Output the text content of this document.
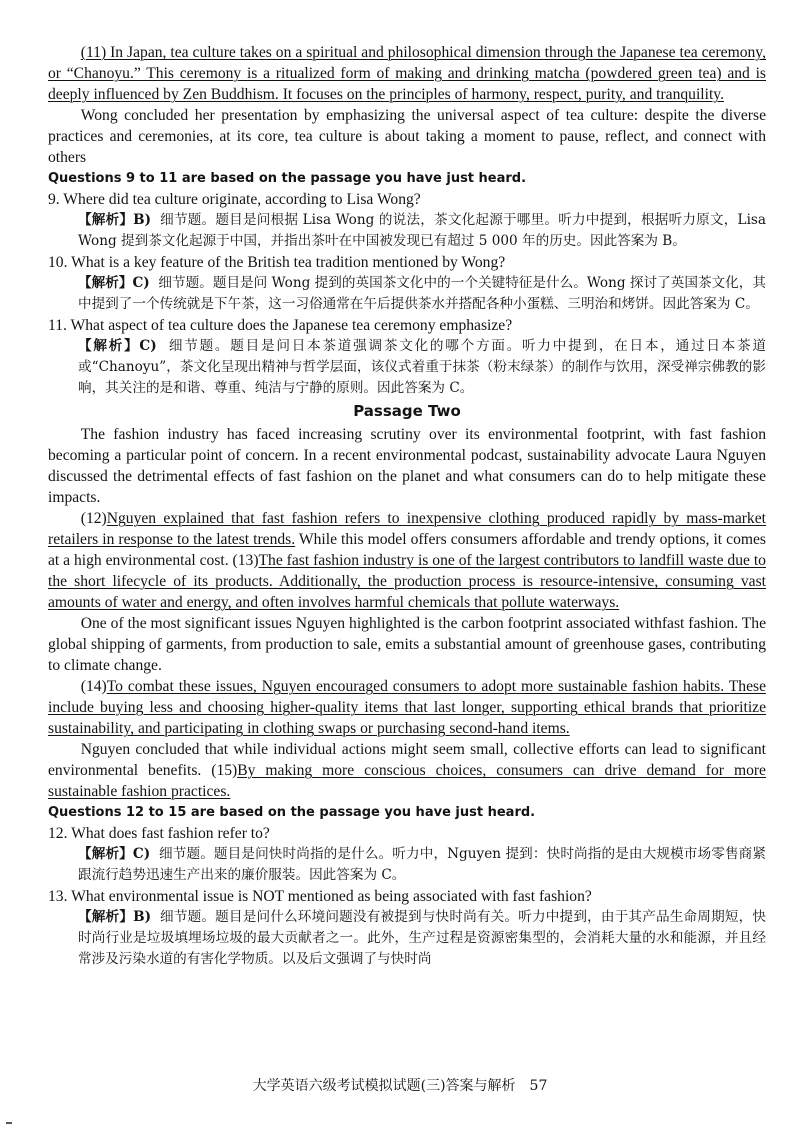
(11) In Japan, tea culture takes on a spiritual and philosophical dimension through the Japanese tea ceremony, or “Chanoyu.” This ceremony is a ritualized form of making and drinking matcha (powdered green tea) and is deeply influenced by Zen Buddhism. It focuses on the principles of harmony, respect, purity, and tranquility.

Wong concluded her presentation by emphasizing the universal aspect of tea culture: despite the diverse practices and ceremonies, at its core, tea culture is about taking a moment to pause, reflect, and connect with others

Questions 9 to 11 are based on the passage you have just heard.

9. Where did tea culture originate, according to Lisa Wong?

【解析】B) 细节题。题目是问根据 Lisa Wong 的说法，茶文化起源于哪里。听力中提到，根据听力原文，Lisa Wong 提到茶文化起源于中国，并指出茶叶在中国被发现已有超过 5 000 年的历史。因此答案为 B。

10. What is a key feature of the British tea tradition mentioned by Wong?

【解析】C) 细节题。题目是问 Wong 提到的英国茶文化中的一个关键特征是什么。Wong 探讨了英国茶文化，其中提到了一个传统就是下午茶，这一习俗通常在午后提供茶水并搭配各种小蛋糕、三明治和烤饼。因此答案为 C。

11. What aspect of tea culture does the Japanese tea ceremony emphasize?

【解析】C) 细节题。题目是问日本茶道强调茶文化的哪个方面。听力中提到，在日本，通过日本茶道或“Chanoyu”，茶文化呈现出精神与哲学层面，该仪式着重于抹茶（粉末绿茶）的制作与饮用，深受禅宗佛教的影响，其关注的是和谐、尊重、纯洁与宁静的原则。因此答案为 C。

Passage Two

The fashion industry has faced increasing scrutiny over its environmental footprint, with fast fashion becoming a particular point of concern. In a recent environmental podcast, sustainability advocate Laura Nguyen discussed the detrimental effects of fast fashion on the planet and what consumers can do to help mitigate these impacts.

(12)Nguyen explained that fast fashion refers to inexpensive clothing produced rapidly by mass-market retailers in response to the latest trends. While this model offers consumers affordable and trendy options, it comes at a high environmental cost. (13)The fast fashion industry is one of the largest contributors to landfill waste due to the short lifecycle of its products. Additionally, the production process is resource-intensive, consuming vast amounts of water and energy, and often involves harmful chemicals that pollute waterways.

One of the most significant issues Nguyen highlighted is the carbon footprint associated withfast fashion. The global shipping of garments, from production to sale, emits a substantial amount of greenhouse gases, contributing to climate change.

(14)To combat these issues, Nguyen encouraged consumers to adopt more sustainable fashion habits. These include buying less and choosing higher-quality items that last longer, supporting ethical brands that prioritize sustainability, and participating in clothing swaps or purchasing second-hand items.

Nguyen concluded that while individual actions might seem small, collective efforts can lead to significant environmental benefits. (15)By making more conscious choices, consumers can drive demand for more sustainable fashion practices.

Questions 12 to 15 are based on the passage you have just heard.

12. What does fast fashion refer to?

【解析】C) 细节题。题目是问快时尚指的是什么。听力中，Nguyen 提到：快时尚指的是由大规模市场零售商紧跟流行趋势迅速生产出来的廉价服装。因此答案为 C。

13. What environmental issue is NOT mentioned as being associated with fast fashion?

【解析】B) 细节题。题目是问什么环境问题没有被提到与快时尚有关。听力中提到，由于其产品生命周期短，快时尚行业是垃圾填埋场垃圾的最大贡献者之一。此外，生产过程是资源密集型的，会消耗大量的水和能源，并且经常涉及污染水道的有害化学物质。以及后文强调了与快时尚

大学英语六级考试模拟试题(三)答案与解析 57
